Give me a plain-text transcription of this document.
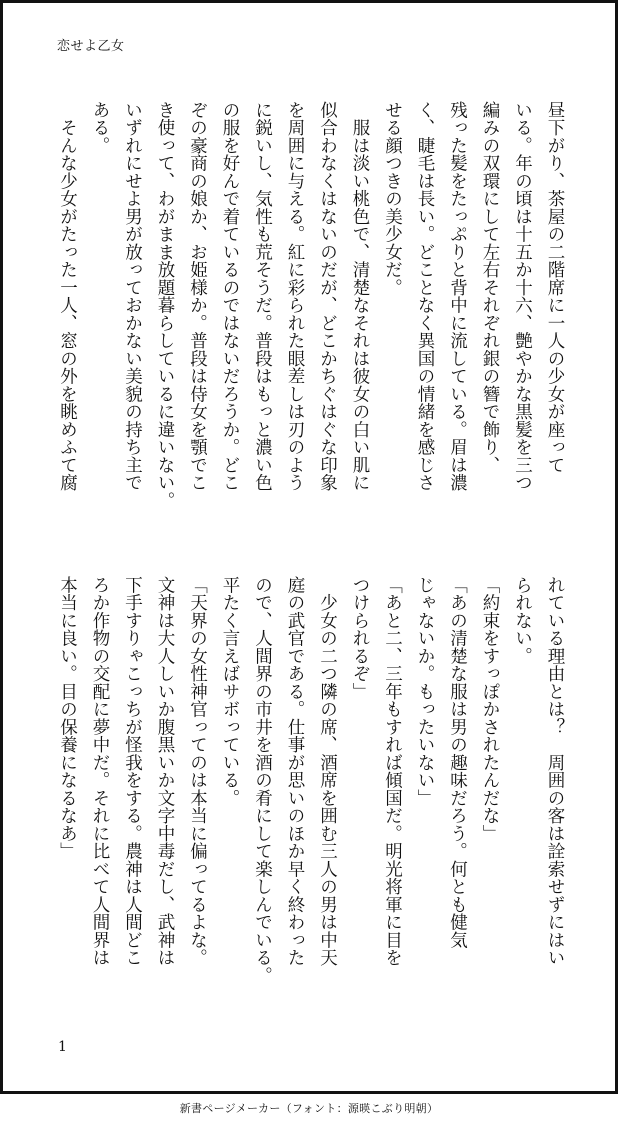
恋せよ乙女
昼下がり、茶屋の二階席に一人の少女が座って
いる。年の頃は十五か十六、艶やかな黒髪を三つ
編みの双環にして左右それぞれ銀の簪で飾り、
残った髪をたっぷりと背中に流している。眉は濃
く、睫毛は長い。どことなく異国の情緒を感じさ
せる顔つきの美少女だ。
　服は淡い桃色で、清楚なそれは彼女の白い肌に
似合わなくはないのだが、どこかちぐはぐな印象
を周囲に与える。紅に彩られた眼差しは刃のよう
に鋭いし、気性も荒そうだ。普段はもっと濃い色
の服を好んで着ているのではないだろうか。どこ
ぞの豪商の娘か、お姫様か。普段は侍女を顎でこ
き使って、わがまま放題暮らしているに違いない。
いずれにせよ男が放っておかない美貌の持ち主で
ある。
　そんな少女がたった一人、窓の外を眺めふて腐
れている理由とは？　周囲の客は詮索せずにはい
られない。
「約束をすっぽかされたんだな」
「あの清楚な服は男の趣味だろう。何とも健気
じゃないか。もったいない」
「あと二、三年もすれば傾国だ。明光将軍に目を
つけられるぞ」
　少女の二つ隣の席、酒席を囲む三人の男は中天
庭の武官である。仕事が思いのほか早く終わった
ので、人間界の市井を酒の肴にして楽しんでいる。
平たく言えばサボっている。
「天界の女性神官ってのは本当に偏ってるよな。
文神は大人しいか腹黒いか文字中毒だし、武神は
下手すりゃこっちが怪我をする。農神は人間どこ
ろか作物の交配に夢中だ。それに比べて人間界は
本当に良い。目の保養になるなあ」
1
新書ページメーカー（フォント：源暎こぶり明朝）
